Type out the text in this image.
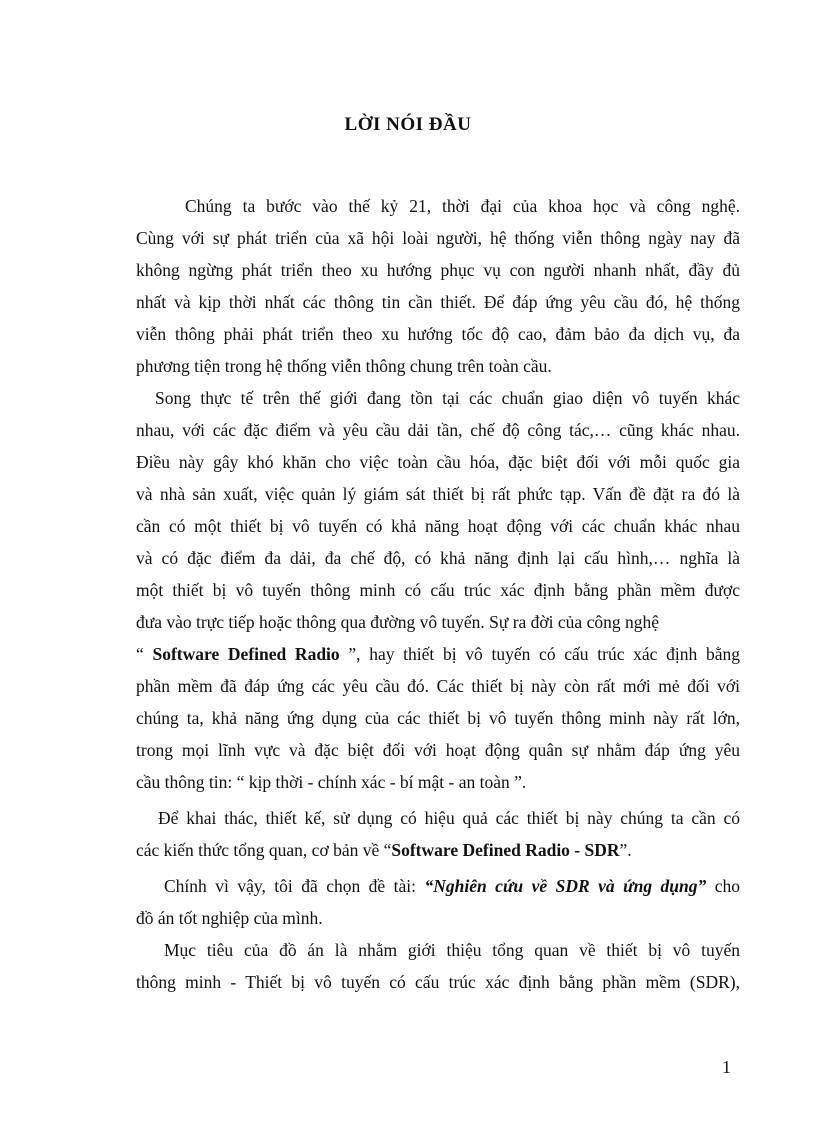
LỜI NÓI ĐẦU
Chúng ta bước vào thế kỷ 21, thời đại của khoa học và công nghệ.
Cùng với sự phát triển của xã hội loài người, hệ thống viễn thông ngày nay đã
không ngừng phát triển theo xu hướng phục vụ con người nhanh nhất, đầy đủ
nhất và kịp thời nhất các thông tin cần thiết. Để đáp ứng yêu cầu đó, hệ thống
viễn thông phải phát triển theo xu hướng tốc độ cao, đảm bảo đa dịch vụ, đa
phương tiện trong hệ thống viễn thông chung trên toàn cầu.
Song thực tế trên thế giới đang tồn tại các chuẩn giao diện vô tuyến khác
nhau, với các đặc điểm và yêu cầu dải tần, chế độ công tác,… cũng khác nhau.
Điều này gây khó khăn cho việc toàn cầu hóa, đặc biệt đối với mỗi quốc gia
và nhà sản xuất, việc quản lý giám sát thiết bị rất phức tạp. Vấn đề đặt ra đó là
cần có một thiết bị vô tuyến có khả năng hoạt động với các chuẩn khác nhau
và có đặc điểm đa dải, đa chế độ, có khả năng định lại cấu hình,… nghĩa là
một thiết bị vô tuyến thông minh có cấu trúc xác định bằng phần mềm được
đưa vào trực tiếp hoặc thông qua đường vô tuyến. Sự ra đời của công nghệ
“ Software Defined Radio ”, hay thiết bị vô tuyến có cấu trúc xác định bằng
phần mềm đã đáp ứng các yêu cầu đó. Các thiết bị này còn rất mới mẻ đối với
chúng ta, khả năng ứng dụng của các thiết bị vô tuyến thông minh này rất lớn,
trong mọi lĩnh vực và đặc biệt đối với hoạt động quân sự nhằm đáp ứng yêu
cầu thông tin: “ kịp thời - chính xác - bí mật - an toàn ”.
Để khai thác, thiết kế, sử dụng có hiệu quả các thiết bị này chúng ta cần có
các kiến thức tổng quan, cơ bản về “Software Defined Radio - SDR”.
Chính vì vậy, tôi đã chọn đề tài: “Nghiên cứu về SDR và ứng dụng” cho
đồ án tốt nghiệp của mình.
Mục tiêu của đồ án là nhằm giới thiệu tổng quan về thiết bị vô tuyến
thông minh - Thiết bị vô tuyến có cấu trúc xác định bằng phần mềm (SDR),
1
